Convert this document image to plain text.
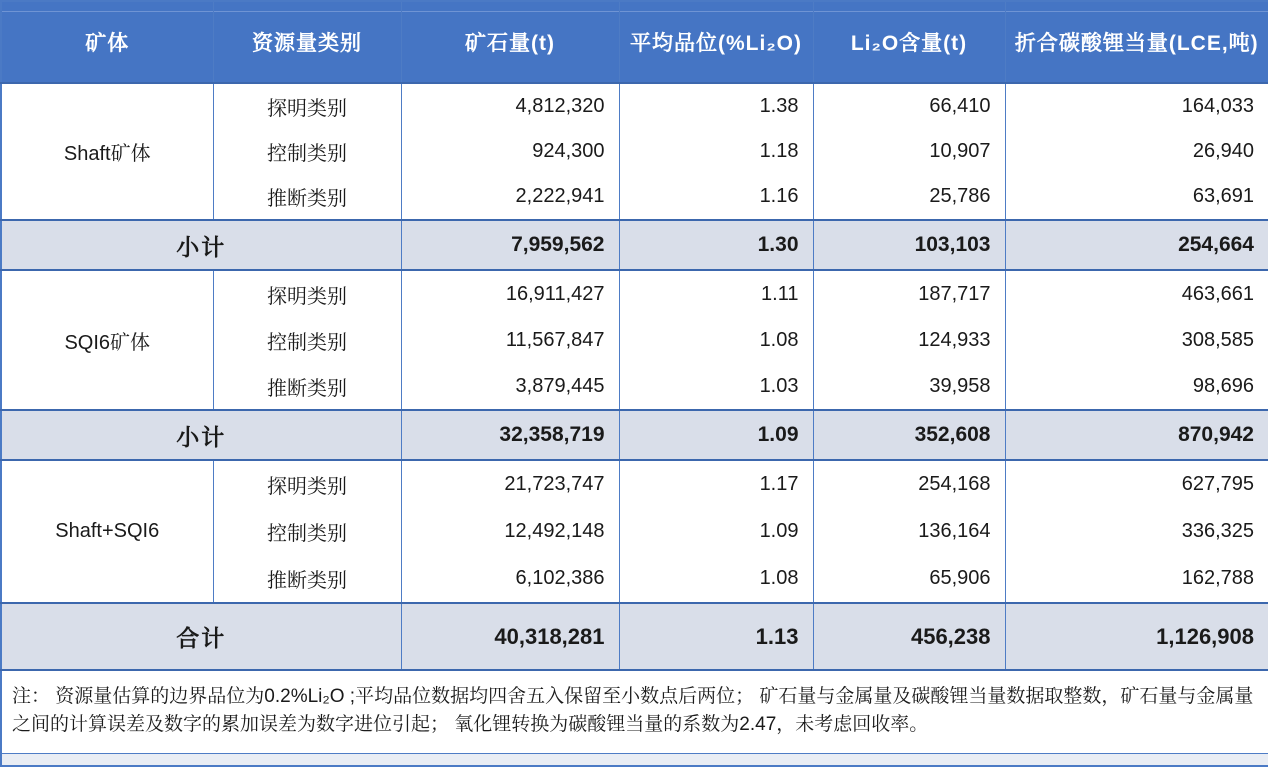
矿体	资源量类别	矿石量(t)	平均品位(%Li₂O)	Li₂O含量(t)	折合碳酸锂当量(LCE,吨)
Shaft矿体	探明类别	4,812,320	1.38	66,410	164,033
	控制类别	924,300	1.18	10,907	26,940
	推断类别	2,222,941	1.16	25,786	63,691
小计		7,959,562	1.30	103,103	254,664
SQI6矿体	探明类别	16,911,427	1.11	187,717	463,661
	控制类别	11,567,847	1.08	124,933	308,585
	推断类别	3,879,445	1.03	39,958	98,696
小计		32,358,719	1.09	352,608	870,942
Shaft+SQI6	探明类别	21,723,747	1.17	254,168	627,795
	控制类别	12,492,148	1.09	136,164	336,325
	推断类别	6,102,386	1.08	65,906	162,788
合计		40,318,281	1.13	456,238	1,126,908
注： 资源量估算的边界品位为0.2%Li₂O ;平均品位数据均四舍五入保留至小数点后两位； 矿石量与金属量及碳酸锂当量数据取整数，矿石量与金属量之间的计算误差及数字的累加误差为数字进位引起； 氧化锂转换为碳酸锂当量的系数为2.47，未考虑回收率。					
